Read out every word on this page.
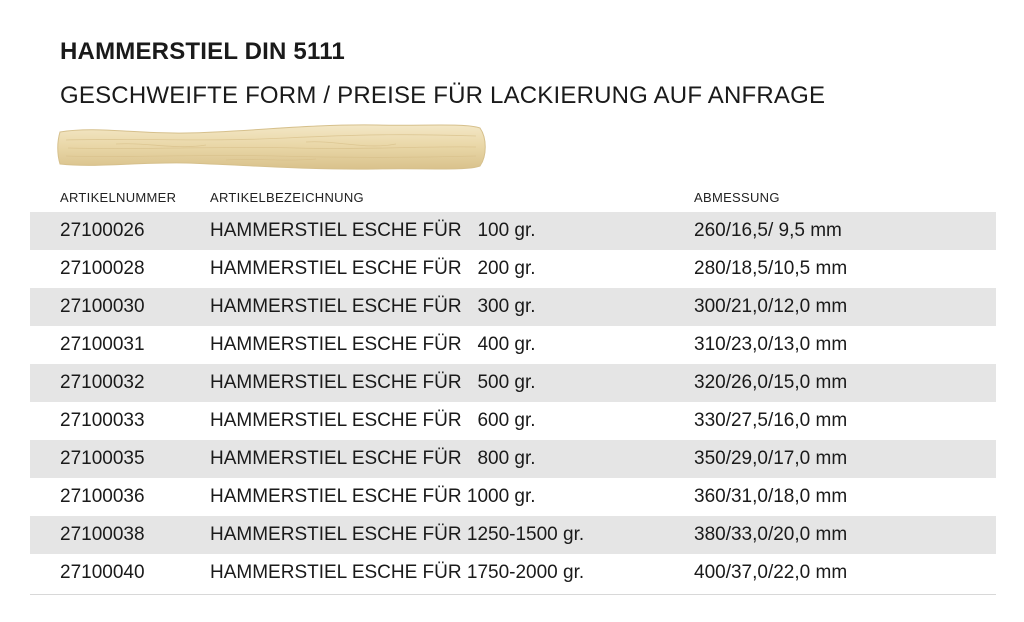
HAMMERSTIEL DIN 5111
GESCHWEIFTE FORM / PREISE FÜR LACKIERUNG AUF ANFRAGE
ARTIKELNUMMER	ARTIKELBEZEICHNUNG	ABMESSUNG
27100026	HAMMERSTIEL ESCHE FÜR   100 gr.	260/16,5/ 9,5 mm
27100028	HAMMERSTIEL ESCHE FÜR   200 gr.	280/18,5/10,5 mm
27100030	HAMMERSTIEL ESCHE FÜR   300 gr.	300/21,0/12,0 mm
27100031	HAMMERSTIEL ESCHE FÜR   400 gr.	310/23,0/13,0 mm
27100032	HAMMERSTIEL ESCHE FÜR   500 gr.	320/26,0/15,0 mm
27100033	HAMMERSTIEL ESCHE FÜR   600 gr.	330/27,5/16,0 mm
27100035	HAMMERSTIEL ESCHE FÜR   800 gr.	350/29,0/17,0 mm
27100036	HAMMERSTIEL ESCHE FÜR 1000 gr.	360/31,0/18,0 mm
27100038	HAMMERSTIEL ESCHE FÜR 1250-1500 gr.	380/33,0/20,0 mm
27100040	HAMMERSTIEL ESCHE FÜR 1750-2000 gr.	400/37,0/22,0 mm
